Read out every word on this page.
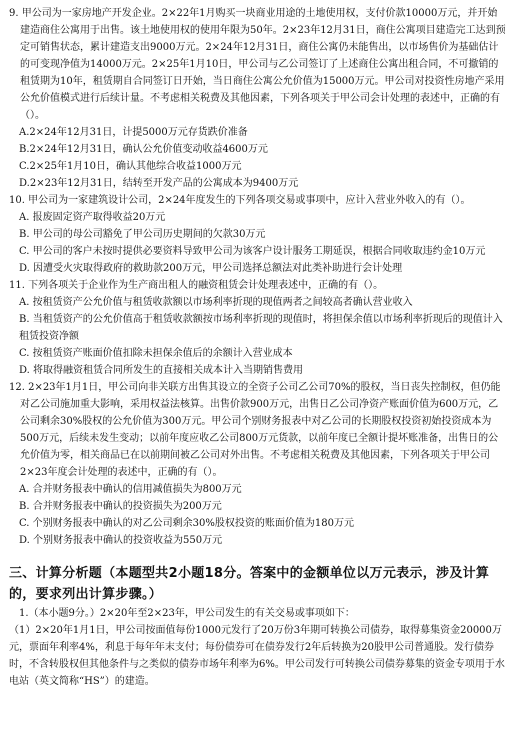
9. 甲公司为一家房地产开发企业。2×22年1月购买一块商业用途的土地使用权，支付价款10000万元，并开始建造商住公寓用于出售。该土地使用权的使用年限为50年。2×23年12月31日，商住公寓项目建造完工达到预定可销售状态，累计建造支出9000万元。2×24年12月31日，商住公寓仍未能售出，以市场售价为基础估计的可变现净值为14000万元。2×25年1月10日，甲公司与乙公司签订了上述商住公寓出租合同，不可撤销的租赁期为10年，租赁期自合同签订日开始，当日商住公寓公允价值为15000万元。甲公司对投资性房地产采用公允价值模式进行后续计量。不考虑相关税费及其他因素，下列各项关于甲公司会计处理的表述中，正确的有（）。
A.2×24年12月31日，计提5000万元存货跌价准备
B.2×24年12月31日，确认公允价值变动收益4600万元
C.2×25年1月10日，确认其他综合收益1000万元
D.2×23年12月31日，结转至开发产品的公寓成本为9400万元
10. 甲公司为一家建筑设计公司，2×24年度发生的下列各项交易或事项中，应计入营业外收入的有（）。
A. 报废固定资产取得收益20万元
B. 甲公司的母公司豁免了甲公司历史期间的欠款30万元
C. 甲公司的客户未按时提供必要资料导致甲公司为该客户设计服务工期延误，根据合同收取违约金10万元
D. 因遭受火灾取得政府的救助款200万元，甲公司选择总额法对此类补助进行会计处理
11. 下列各项关于企业作为生产商出租人的融资租赁会计处理表述中，正确的有（）。
A. 按租赁资产公允价值与租赁收款额以市场利率折现的现值两者之间较高者确认营业收入
B. 当租赁资产的公允价值高于租赁收款额按市场利率折现的现值时，将担保余值以市场利率折现后的现值计入租赁投资净额
C. 按租赁资产账面价值扣除未担保余值后的余额计入营业成本
D. 将取得融资租赁合同所发生的直接相关成本计入当期销售费用
12. 2×23年1月1日，甲公司向非关联方出售其设立的全资子公司乙公司70%的股权，当日丧失控制权，但仍能对乙公司施加重大影响，采用权益法核算。出售价款900万元，出售日乙公司净资产账面价值为600万元，乙公司剩余30%股权的公允价值为300万元。甲公司个别财务报表中对乙公司的长期股权投资初始投资成本为500万元，后续未发生变动；以前年度应收乙公司800万元货款，以前年度已全额计提坏账准备，出售日的公允价值为零，相关商品已在以前期间被乙公司对外出售。不考虑相关税费及其他因素，下列各项关于甲公司2×23年度会计处理的表述中，正确的有（）。
A. 合并财务报表中确认的信用减值损失为800万元
B. 合并财务报表中确认的投资损失为200万元
C. 个别财务报表中确认的对乙公司剩余30%股权投资的账面价值为180万元
D. 个别财务报表中确认的投资收益为550万元
三、计算分析题（本题型共2小题18分。答案中的金额单位以万元表示，涉及计算的，要求列出计算步骤。）
1.（本小题9分。）2×20年至2×23年，甲公司发生的有关交易或事项如下：
（1）2×20年1月1日，甲公司按面值每份1000元发行了20万份3年期可转换公司债券，取得募集资金20000万元，票面年利率4%，利息于每年年末支付；每份债券可在债券发行2年后转换为20股甲公司普通股。发行债券时，不含转股权但其他条件与之类似的债券市场年利率为6%。甲公司发行可转换公司债券募集的资金专项用于水电站（英文简称“HS”）的建造。
